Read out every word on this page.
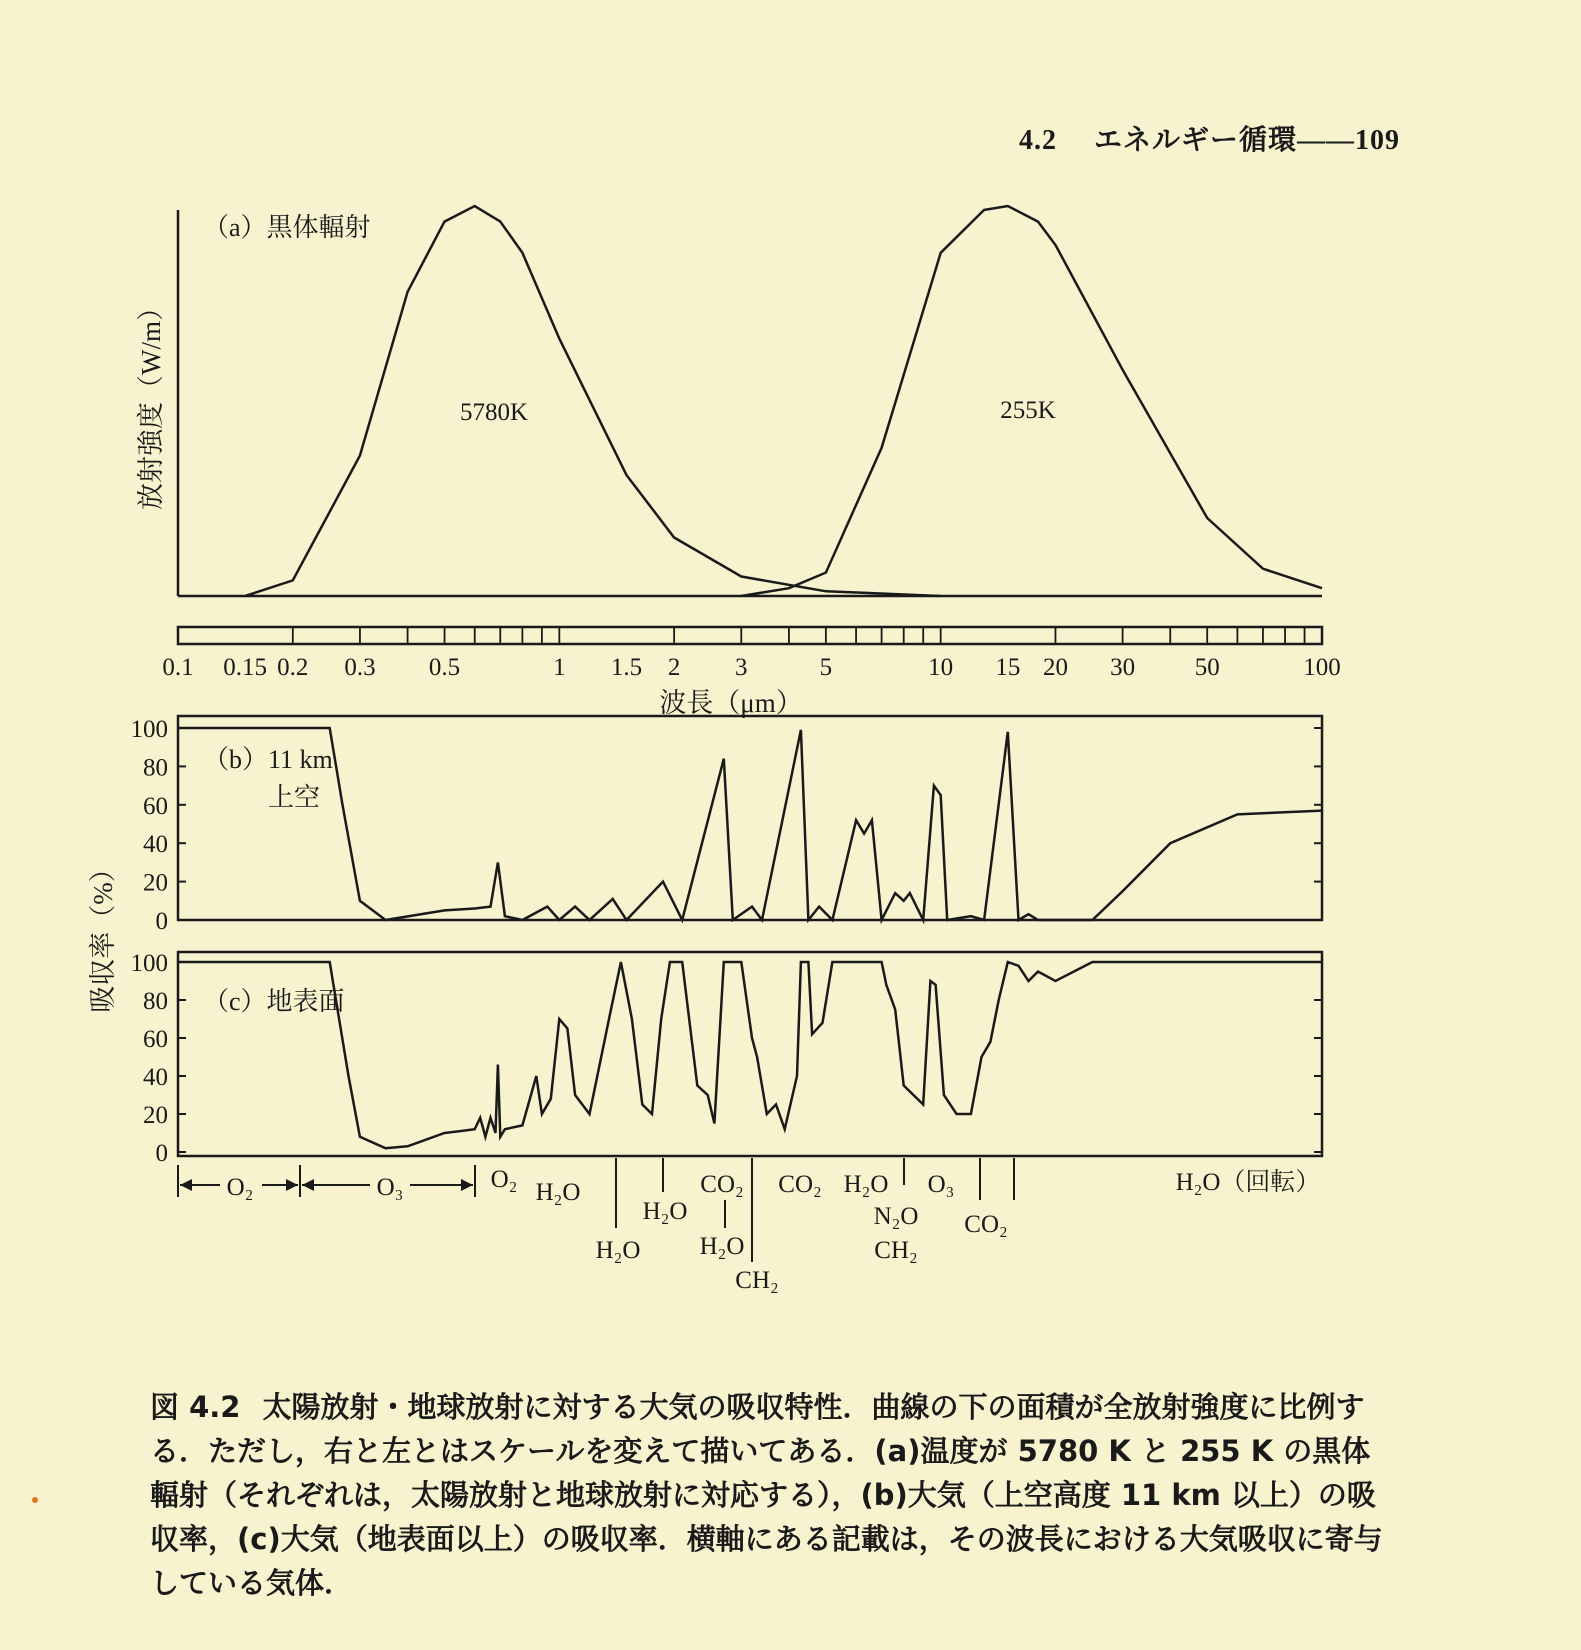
4.2   エネルギー循環——109
（a）黒体輻射
放射強度（W/m）	5780K	255K
0.1 0.15 0.2 0.3 0.5	1 1.5 2 3	5	10 15 20 30 50	100
波長（μm）
0
20
40
60
80
100
（b）11 km
上空
吸収率（%）
0
20
40
60
80
100
（c）地表面
O₂	O₃	O₂ H₂O
H₂O
H₂O
CO₂
H₂O
CH₂
CO₂ H₂O
N₂O
CH₂
O₃
CO₂
H₂O（回転）
図 4.2 太陽放射・地球放射に対する大気の吸収特性．曲線の下の面積が全放射強度に比例する．ただし，右と左とはスケールを変えて描いてある．(a)温度が 5780 K と 255 K の黒体輻射（それぞれは，太陽放射と地球放射に対応する），(b)大気（上空高度 11 km 以上）の吸収率，(c)大気（地表面以上）の吸収率．横軸にある記載は，その波長における大気吸収に寄与している気体．
